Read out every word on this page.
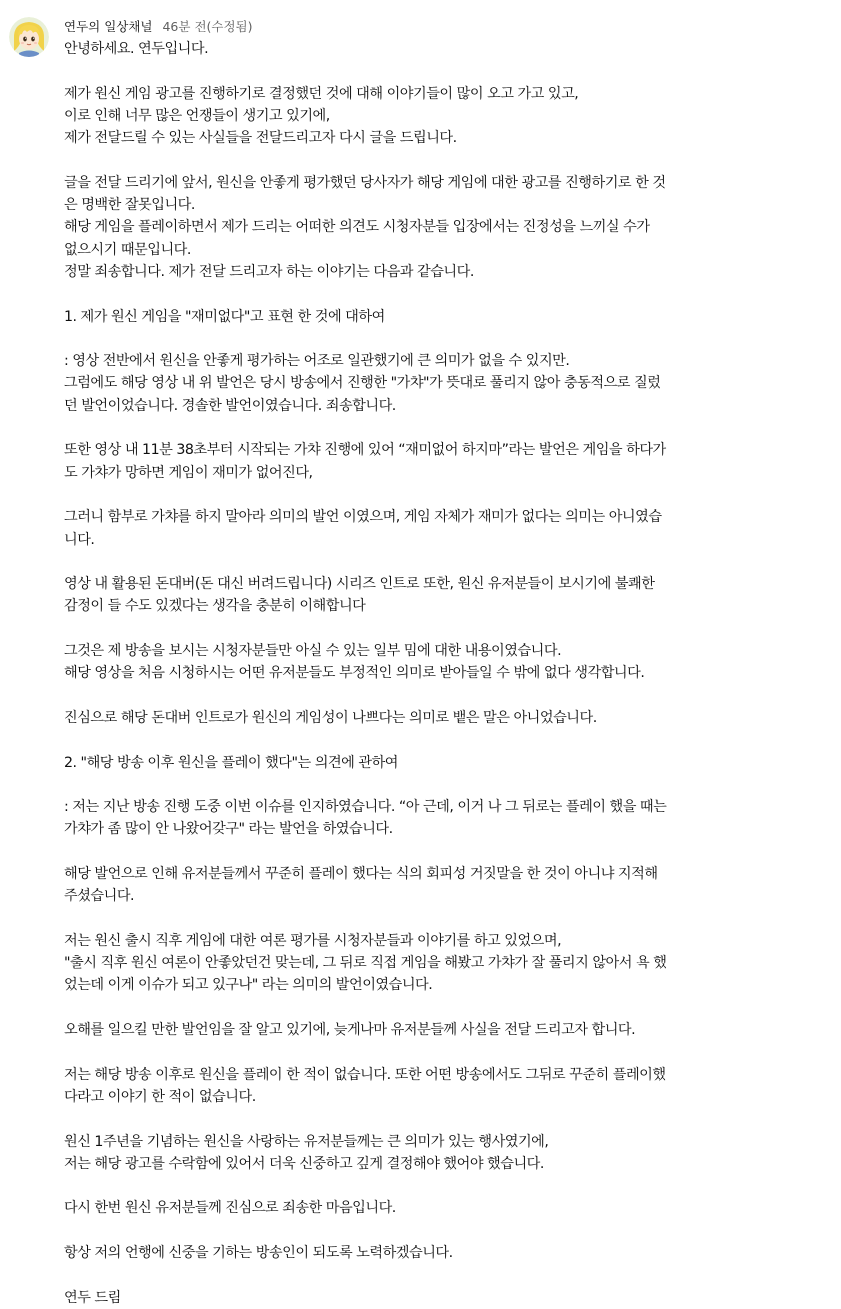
연두의 일상채널 46분 전(수정됨)
안녕하세요. 연두입니다.
제가 원신 게임 광고를 진행하기로 결정했던 것에 대해 이야기들이 많이 오고 가고 있고,
이로 인해 너무 많은 언쟁들이 생기고 있기에,
제가 전달드릴 수 있는 사실들을 전달드리고자 다시 글을 드립니다.
글을 전달 드리기에 앞서, 원신을 안좋게 평가했던 당사자가 해당 게임에 대한 광고를 진행하기로 한 것
은 명백한 잘못입니다.
해당 게임을 플레이하면서 제가 드리는 어떠한 의견도 시청자분들 입장에서는 진정성을 느끼실 수가
없으시기 때문입니다.
정말 죄송합니다. 제가 전달 드리고자 하는 이야기는 다음과 같습니다.
1. 제가 원신 게임을 "재미없다"고 표현 한 것에 대하여
: 영상 전반에서 원신을 안좋게 평가하는 어조로 일관했기에 큰 의미가 없을 수 있지만.
그럼에도 해당 영상 내 위 발언은 당시 방송에서 진행한 "가챠"가 뜻대로 풀리지 않아 충동적으로 질렀
던 발언이었습니다. 경솔한 발언이였습니다. 죄송합니다.
또한 영상 내 11분 38초부터 시작되는 가챠 진행에 있어 “재미없어 하지마”라는 발언은 게임을 하다가
도 가챠가 망하면 게임이 재미가 없어진다,
그러니 함부로 가챠를 하지 말아라 의미의 발언 이였으며, 게임 자체가 재미가 없다는 의미는 아니였습
니다.
영상 내 활용된 돈대버(돈 대신 버려드립니다) 시리즈 인트로 또한, 원신 유저분들이 보시기에 불쾌한
감정이 들 수도 있겠다는 생각을 충분히 이해합니다
그것은 제 방송을 보시는 시청자분들만 아실 수 있는 일부 밈에 대한 내용이였습니다.
해당 영상을 처음 시청하시는 어떤 유저분들도 부정적인 의미로 받아들일 수 밖에 없다 생각합니다.
진심으로 해당 돈대버 인트로가 원신의 게임성이 나쁘다는 의미로 뱉은 말은 아니었습니다.
2. "해당 방송 이후 원신을 플레이 했다"는 의견에 관하여
: 저는 지난 방송 진행 도중 이번 이슈를 인지하였습니다. “아 근데, 이거 나 그 뒤로는 플레이 했을 때는
가챠가 좀 많이 안 나왔어갖구" 라는 발언을 하였습니다.
해당 발언으로 인해 유저분들께서 꾸준히 플레이 했다는 식의 회피성 거짓말을 한 것이 아니냐 지적해
주셨습니다.
저는 원신 출시 직후 게임에 대한 여론 평가를 시청자분들과 이야기를 하고 있었으며,
"출시 직후 원신 여론이 안좋았던건 맞는데, 그 뒤로 직접 게임을 해봤고 가챠가 잘 풀리지 않아서 욕 했
었는데 이게 이슈가 되고 있구나" 라는 의미의 발언이였습니다.
오해를 일으킬 만한 발언임을 잘 알고 있기에, 늦게나마 유저분들께 사실을 전달 드리고자 합니다.
저는 해당 방송 이후로 원신을 플레이 한 적이 없습니다. 또한 어떤 방송에서도 그뒤로 꾸준히 플레이했
다라고 이야기 한 적이 없습니다.
원신 1주년을 기념하는 원신을 사랑하는 유저분들께는 큰 의미가 있는 행사였기에,
저는 해당 광고를 수락함에 있어서 더욱 신중하고 깊게 결정해야 했어야 했습니다.
다시 한번 원신 유저분들께 진심으로 죄송한 마음입니다.
항상 저의 언행에 신중을 기하는 방송인이 되도록 노력하겠습니다.
연두 드림
